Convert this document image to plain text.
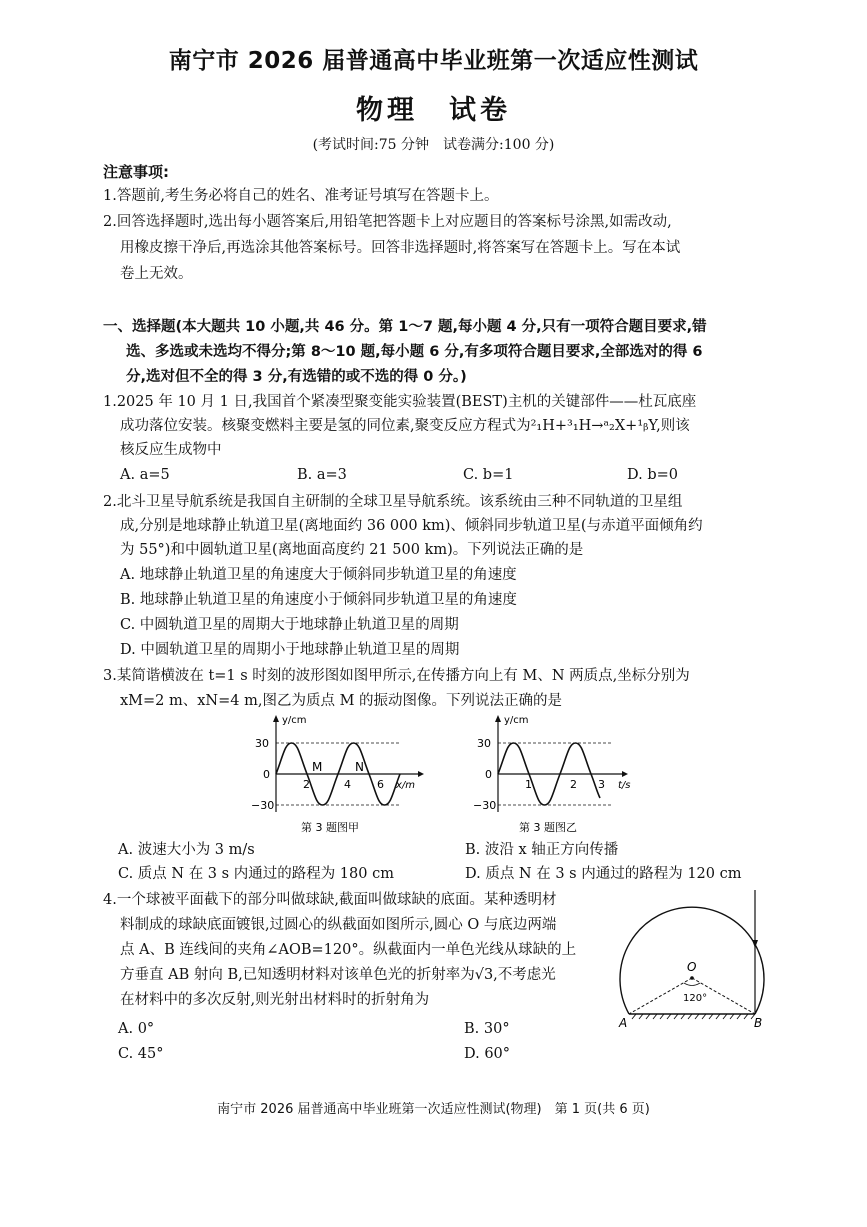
南宁市 2026 届普通高中毕业班第一次适应性测试
物理　试卷
(考试时间:75 分钟　试卷满分:100 分)
注意事项:
1.答题前,考生务必将自己的姓名、准考证号填写在答题卡上。
2.回答选择题时,选出每小题答案后,用铅笔把答题卡上对应题目的答案标号涂黑,如需改动,
用橡皮擦干净后,再选涂其他答案标号。回答非选择题时,将答案写在答题卡上。写在本试
卷上无效。
一、选择题(本大题共 10 小题,共 46 分。第 1～7 题,每小题 4 分,只有一项符合题目要求,错
选、多选或未选均不得分;第 8～10 题,每小题 6 分,有多项符合题目要求,全部选对的得 6
分,选对但不全的得 3 分,有选错的或不选的得 0 分。)
1.2025 年 10 月 1 日,我国首个紧凑型聚变能实验装置(BEST)主机的关键部件——杜瓦底座
成功落位安装。核聚变燃料主要是氢的同位素,聚变反应方程式为²₁H+³₁H→ᵃ₂X+¹ᵦY,则该
核反应生成物中
A. a=5	B. a=3	C. b=1	D. b=0
2.北斗卫星导航系统是我国自主研制的全球卫星导航系统。该系统由三种不同轨道的卫星组
成,分别是地球静止轨道卫星(离地面约 36 000 km)、倾斜同步轨道卫星(与赤道平面倾角约
为 55°)和中圆轨道卫星(离地面高度约 21 500 km)。下列说法正确的是
A. 地球静止轨道卫星的角速度大于倾斜同步轨道卫星的角速度
B. 地球静止轨道卫星的角速度小于倾斜同步轨道卫星的角速度
C. 中圆轨道卫星的周期大于地球静止轨道卫星的周期
D. 中圆轨道卫星的周期小于地球静止轨道卫星的周期
3.某简谐横波在 t=1 s 时刻的波形图如图甲所示,在传播方向上有 M、N 两质点,坐标分别为
xM=2 m、xN=4 m,图乙为质点 M 的振动图像。下列说法正确的是
y/cm
30
0
−30
2	4 6 x/m
M	N
第 3 题图甲
y/cm
30
0
−30
1	2 3 t/s
第 3 题图乙
A. 波速大小为 3 m/s	B. 波沿 x 轴正方向传播
C. 质点 N 在 3 s 内通过的路程为 180 cm	D. 质点 N 在 3 s 内通过的路程为 120 cm
4.一个球被平面截下的部分叫做球缺,截面叫做球缺的底面。某种透明材
料制成的球缺底面镀银,过圆心的纵截面如图所示,圆心 O 与底边两端
点 A、B 连线间的夹角∠AOB=120°。纵截面内一单色光线从球缺的上
方垂直 AB 射向 B,已知透明材料对该单色光的折射率为√3,不考虑光
在材料中的多次反射,则光射出材料时的折射角为
A. 0°	B. 30°
C. 45°	D. 60°
O
120°
A	B
南宁市 2026 届普通高中毕业班第一次适应性测试(物理)　第 1 页(共 6 页)
